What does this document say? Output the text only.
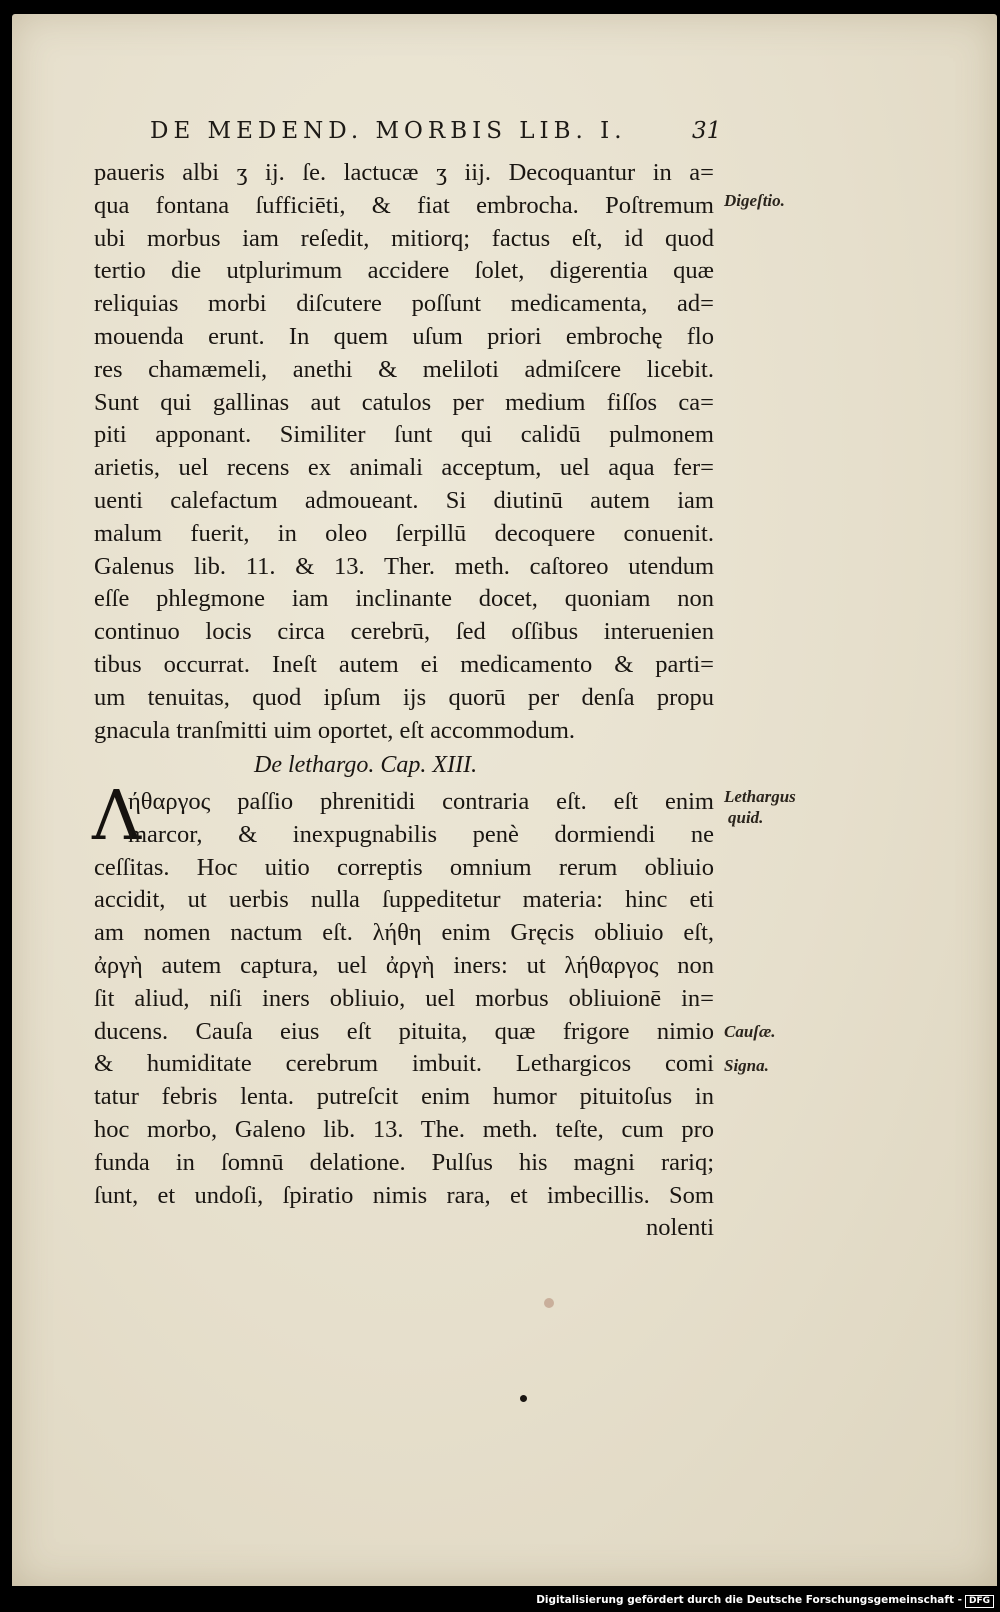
DE MEDEND. MORBIS LIB. I.	31
De lethargo. Cap. XIII.
Λ
Digeſtio.
Lethargus
quid.
Cauſæ.
Signa.
paueris albi ʒ ij. ſe. lactucæ ʒ iij. Decoquantur in a=
qua fontana ſufficiēti, & fiat embrocha. Poſtremum
ubi morbus iam reſedit, mitiorq; factus eſt, id quod
tertio die utplurimum accidere ſolet, digerentia quæ
reliquias morbi diſcutere poſſunt medicamenta, ad=
mouenda erunt. In quem uſum priori embrochę flo
res chamæmeli, anethi & meliloti admiſcere licebit.
Sunt qui gallinas aut catulos per medium fiſſos ca=
piti apponant. Similiter ſunt qui calidū pulmonem
arietis, uel recens ex animali acceptum, uel aqua fer=
uenti calefactum admoueant. Si diutinū autem iam
malum fuerit, in oleo ſerpillū decoquere conuenit.
Galenus lib. 11. & 13. Ther. meth. caſtoreo utendum
eſſe phlegmone iam inclinante docet, quoniam non
continuo locis circa cerebrū, ſed oſſibus interuenien
tibus occurrat. Ineſt autem ei medicamento & parti=
um tenuitas, quod ipſum ijs quorū per denſa propu
gnacula tranſmitti uim oportet, eſt accommodum.
ήθαργος paſſio phrenitidi contraria eſt. eſt enim
marcor, & inexpugnabilis penè dormiendi ne
ceſſitas. Hoc uitio correptis omnium rerum obliuio
accidit, ut uerbis nulla ſuppeditetur materia: hinc eti
am nomen nactum eſt. λήθη enim Gręcis obliuio eſt,
ἀργὴ autem captura, uel ἀργὴ iners: ut λήθαργος non
ſit aliud, niſi iners obliuio, uel morbus obliuionē in=
ducens. Cauſa eius eſt pituita, quæ frigore nimio
& humiditate cerebrum imbuit. Lethargicos comi
tatur febris lenta. putreſcit enim humor pituitoſus in
hoc morbo, Galeno lib. 13. The. meth. teſte, cum pro
funda in ſomnū delatione. Pulſus his magni rariq;
ſunt, et undoſi, ſpiratio nimis rara, et imbecillis. Som
nolenti
Digitalisierung gefördert durch die Deutsche Forschungsgemeinschaft - DFG
